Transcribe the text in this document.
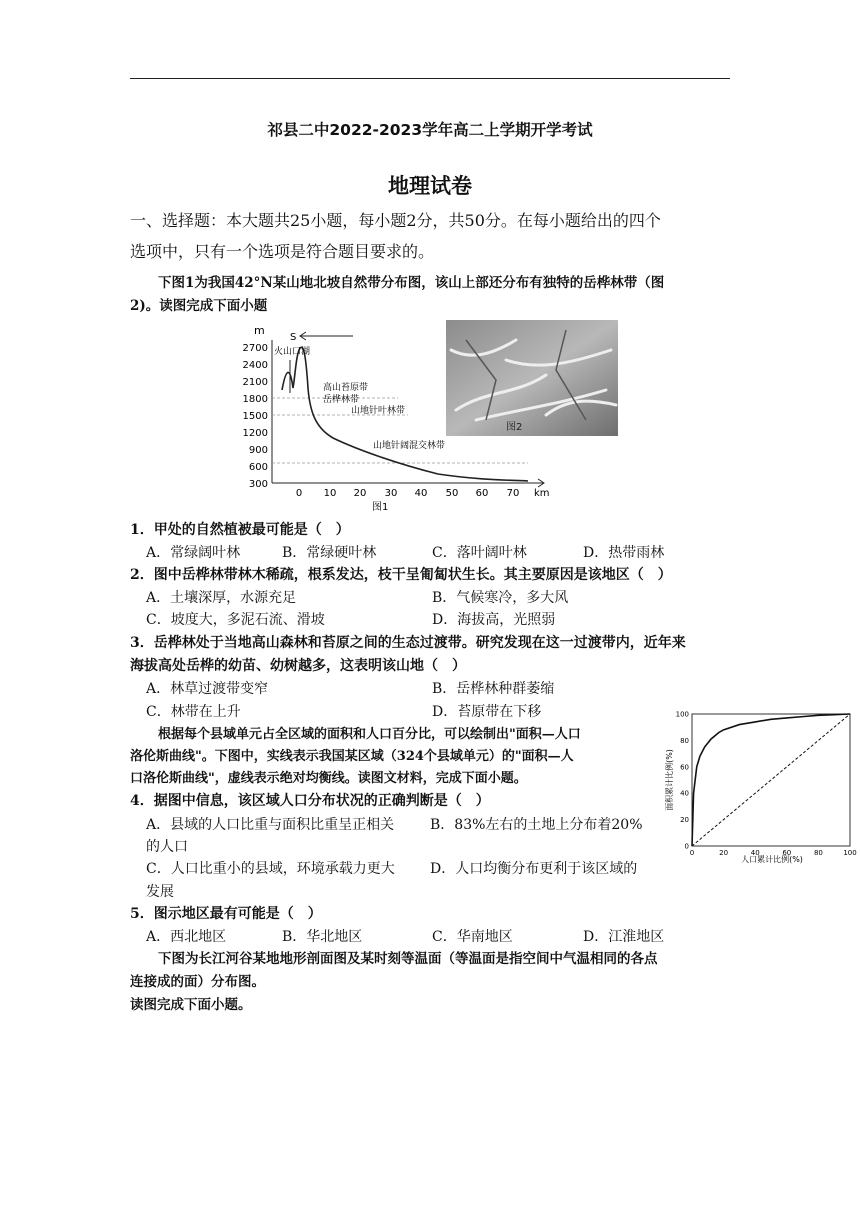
祁县二中2022-2023学年高二上学期开学考试
地理试卷
一、选择题：本大题共25小题，每小题2分，共50分。在每小题给出的四个
选项中，只有一个选项是符合题目要求的。
下图1为我国42°N某山地北坡自然带分布图，该山上部还分布有独特的岳桦林带（图
2)。读图完成下面小题
m
S
2700
2400
2100
1800
1500
1200
900
600
300
0 10 20 30 40 50 60 70 km
火山口湖
高山苔原带
岳桦林带
山地针叶林带
山地针阔混交林带
图1
图2
1．甲处的自然植被最可能是（　）
A．常绿阔叶林	B．常绿硬叶林	C．落叶阔叶林	D．热带雨林
2．图中岳桦林带林木稀疏，根系发达，枝干呈匍匐状生长。其主要原因是该地区（　）
A．土壤深厚，水源充足	B．气候寒冷，多大风
C．坡度大，多泥石流、滑坡	D．海拔高，光照弱
3．岳桦林处于当地高山森林和苔原之间的生态过渡带。研究发现在这一过渡带内，近年来
海拔高处岳桦的幼苗、幼树越多，这表明该山地（　）
A．林草过渡带变窄	B．岳桦林种群萎缩
C．林带在上升	D．苔原带在下移
根据每个县域单元占全区域的面积和人口百分比，可以绘制出"面积—人口
洛伦斯曲线"。下图中，实线表示我国某区域（324个县域单元）的"面积—人
口洛伦斯曲线"，虚线表示绝对均衡线。读图文材料，完成下面小题。
0
0
20
20
40
40
60
60
80
80
100
100
人口累计比例(%)
面积累计比例(%)
4．据图中信息，该区域人口分布状况的正确判断是（　）
A．县域的人口比重与面积比重呈正相关	B．83%左右的土地上分布着20%
的人口
C．人口比重小的县域，环境承载力更大	D．人口均衡分布更利于该区域的
发展
5．图示地区最有可能是（　）
A．西北地区	B．华北地区	C．华南地区	D．江淮地区
下图为长江河谷某地地形剖面图及某时刻等温面（等温面是指空间中气温相同的各点
连接成的面）分布图。
读图完成下面小题。
